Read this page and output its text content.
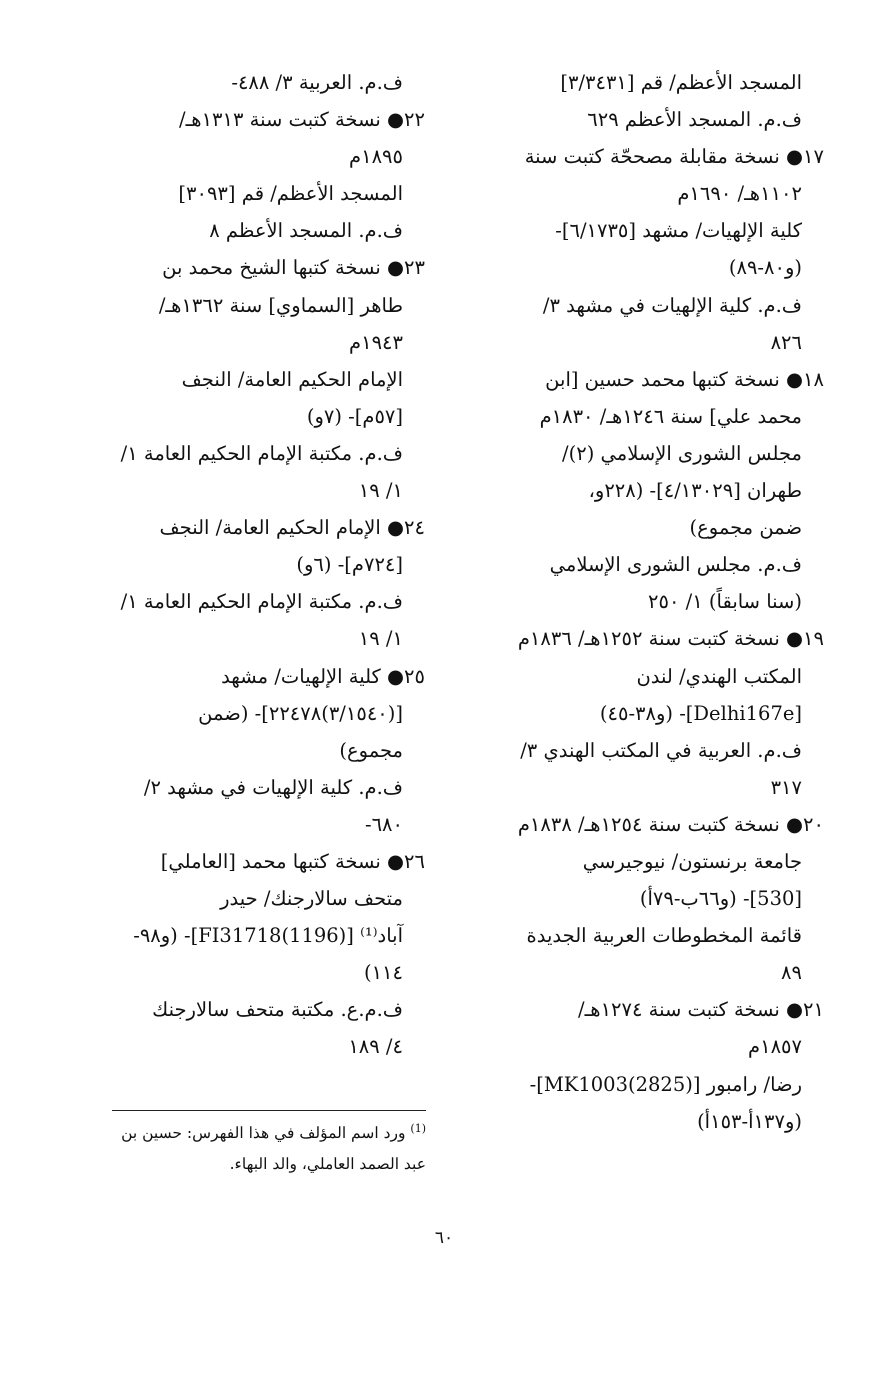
المسجد الأعظم/ قم [٣/٣٤٣١]
ف.م. المسجد الأعظم ٦٢٩
١٧● نسخة مقابلة مصححّة كتبت سنة
١١٠٢هـ/ ١٦٩٠م
كلية الإلهيات/ مشهد [٦/١٧٣٥]-
(و٨٠-٨٩)
ف.م. كلية الإلهيات في مشهد ٣/
٨٢٦
١٨● نسخة كتبها محمد حسين [ابن
محمد علي] سنة ١٢٤٦هـ/ ١٨٣٠م
مجلس الشورى الإسلامي (٢)/
طهران [٤/١٣٠٢٩]- (٢٢٨و،
ضمن مجموع)
ف.م. مجلس الشورى الإسلامي
(سنا سابقاً) ١/ ٢٥٠
١٩● نسخة كتبت سنة ١٢٥٢هـ/ ١٨٣٦م
المكتب الهندي/ لندن
[Delhi167e]- (و٣٨-٤٥)
ف.م. العربية في المكتب الهندي ٣/
٣١٧
٢٠● نسخة كتبت سنة ١٢٥٤هـ/ ١٨٣٨م
جامعة برنستون/ نيوجيرسي
[530]- (و٦٦ب-٧٩أ)
قائمة المخطوطات العربية الجديدة
٨٩
٢١● نسخة كتبت سنة ١٢٧٤هـ/
١٨٥٧م
رضا/ رامبور [MK1003(2825)]-
(و١٣٧أ-١٥٣أ)
ف.م. العربية ٣/ ٤٨٨-
٢٢● نسخة كتبت سنة ١٣١٣هـ/
١٨٩٥م
المسجد الأعظم/ قم [٣٠٩٣]
ف.م. المسجد الأعظم ٨
٢٣● نسخة كتبها الشيخ محمد بن
طاهر [السماوي] سنة ١٣٦٢هـ/
١٩٤٣م
الإمام الحكيم العامة/ النجف
[٥٧م]- (٧و)
ف.م. مكتبة الإمام الحكيم العامة ١/
١/ ١٩
٢٤● الإمام الحكيم العامة/ النجف
[٧٢٤م]- (٦و)
ف.م. مكتبة الإمام الحكيم العامة ١/
١/ ١٩
٢٥● كلية الإلهيات/ مشهد
[(٣/١٥٤٠)٢٢٤٧٨]- (ضمن
مجموع)
ف.م. كلية الإلهيات في مشهد ٢/
٦٨٠-
٢٦● نسخة كتبها محمد [العاملي]
متحف سالارجنك/ حيدر
آباد⁽¹⁾ [FI31718(1196)]- (و٩٨-
١١٤)
ف.م.ع. مكتبة متحف سالارجنك
٤/ ١٨٩
$^{(1)}$ ورد اسم المؤلف في هذا الفهرس: حسين بن
عبد الصمد العاملي، والد البهاء.
٦٠
